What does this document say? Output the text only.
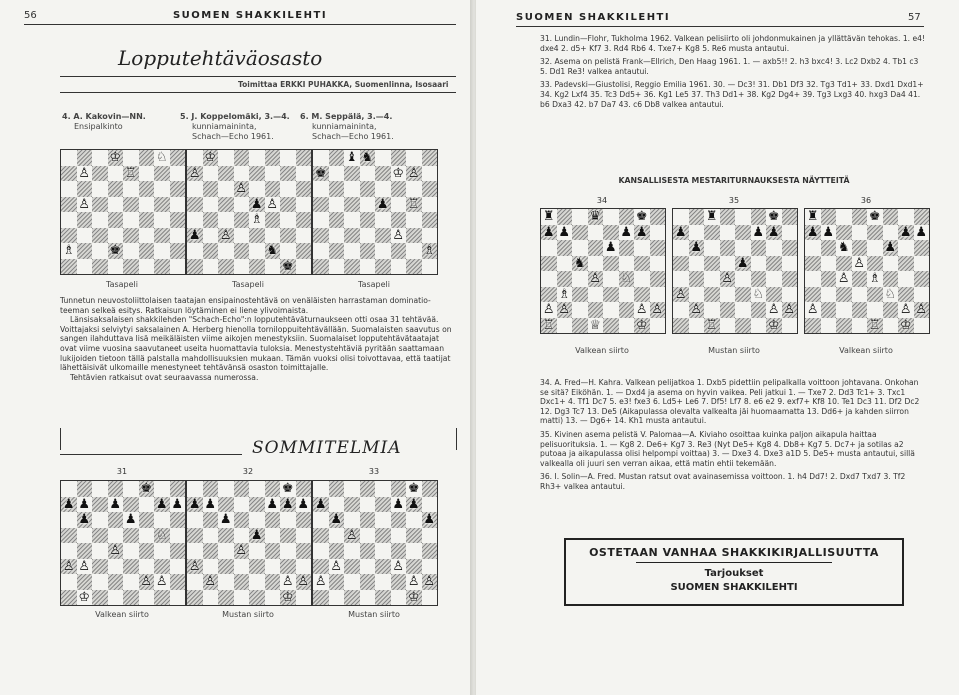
56	SUOMEN SHAKKILEHTI
Lopputehtäväosasto
Toimittaa ERKKI PUHAKKA, Suomenlinna, Isosaari
4. A. Kakovin—NN.
Ensipalkinto
5. J. Koppelomäki, 3.—4.
kunniamaininta,
Schach—Echo 1961.
6. M. Seppälä, 3.—4.
kunniamaininta,
Schach—Echo 1961.
♔	♘
♙	♖
♙
♗	♚
♔
♙
♙
♟ ♙
♗
♟ ♙
♞
♚
♝ ♞
♚	♔ ♙
♟ ♖
♙
♗
Tasapeli	Tasapeli	Tasapeli

Tunnetun neuvostoliittolaisen taatajan ensipainostehtävä on venäläisten harrastaman dominatio-teeman selkeä esitys. Ratkaisun löytäminen ei liene ylivoimaista.

Länsisaksalaisen shakkilehden "Schach-Echo":n lopputehtäväturnaukseen otti osaa 31 tehtävää. Voittajaksi selviytyi saksalainen A. Herberg hienolla torniloppuitehtävällään. Suomalaisten saavutus on sangen ilahduttava lisä meikäläisten viime aikojen menestyksiin. Suomalaiset lopputehtävätaatajat ovat viime vuosina saavutaneet useita huomattavia tuloksia. Menestystehtäviä pyritään saattamaan lukijoiden tietoon tällä palstalla mahdollisuuksien mukaan. Tämän vuoksi olisi toivottavaa, että taatijat lähettäisivät ulkomaille menestyneet tehtävänsä osaston toimittajalle.

Tehtävien ratkaisut ovat seuraavassa numerossa.

SOMMITELMIA
31	32	33
♚
♟ ♟ ♟	♟ ♟
♟	♟
♘
♙
♙ ♙
♙ ♙
♔
♚
♟ ♟	♟ ♟ ♟
♟
♟
♙
♙
♙	♙ ♙
♔
♚
♟	♟ ♟
♟	♟
♙
♙	♙
♙	♙ ♙
♔
Valkean siirto	Mustan siirto	Mustan siirto
SUOMEN SHAKKILEHTI	57

31. Lundin—Flohr, Tukholma 1962. Valkean pelisiirto oli johdonmukainen ja yllättävän tehokas. 1. e4! dxe4 2. d5+ Kf7 3. Rd4 Rb6 4. Txe7+ Kg8 5. Re6 musta antautui.

32. Asema on pelistä Frank—Ellrich, Den Haag 1961. 1. — axb5!! 2. h3 bxc4! 3. Lc2 Dxb2 4. Tb1 c3 5. Dd1 Re3! valkea antautui.

33. Padevski—Giustolisi, Reggio Emilia 1961. 30. — Dc3! 31. Db1 Df3 32. Tg3 Td1+ 33. Dxd1 Dxd1+ 34. Kg2 Lxf4 35. Tc3 Dd5+ 36. Kg1 Le5 37. Th3 Dd1+ 38. Kg2 Dg4+ 39. Tg3 Lxg3 40. hxg3 Da4 41. b6 Dxa3 42. b7 Da7 43. c6 Db8 valkea antautui.

KANSALLISESTA MESTARITURNAUKSESTA NÄYTTEITÄ
34	35	36
♜	♛	♚
♟ ♟	♟ ♟
♟
♞
♙ ♘
♗
♙ ♙	♙ ♙
♖	♕	♔
♜	♚
♟	♟ ♟
♟
♟
♙
♙	♘
♙	♙ ♙
♖	♔
♜	♚
♟ ♟	♟ ♟
♞	♟
♙
♙ ♗
♘
♙	♙ ♙
♖ ♔
Valkean siirto	Mustan siirto	Valkean siirto

34. A. Fred—H. Kahra. Valkean pelijatkoa 1. Dxb5 pidettiin pelipalkalla voittoon johtavana. Onkohan se sitä? Eiköhän. 1. — Dxd4 ja asema on hyvin vaikea. Peli jatkui 1. — Txe7 2. Dd3 Tc1+ 3. Txc1 Dxc1+ 4. Tf1 Dc7 5. e3! fxe3 6. Ld5+ Le6 7. Df5! Lf7 8. e6 e2 9. exf7+ Kf8 10. Te1 Dc3 11. Df2 Dc2 12. Dg3 Tc7 13. De5 (Aikapulassa olevalta valkealta jäi huomaamatta 13. Dd6+ ja kahden siirron matti) 13. — Dg6+ 14. Kh1 musta antautui.

35. Kivinen asema pelistä V. Palomaa—A. Kiviaho osoittaa kuinka paljon aikapula haittaa pelisuorituksia. 1. — Kg8 2. De6+ Kg7 3. Re3 (Nyt De5+ Kg8 4. Db8+ Kg7 5. Dc7+ ja sotilas a2 putoaa ja aikapulassa olisi helpompi voittaa) 3. — Dxe3 4. Dxe3 a1D 5. De5+ musta antautui, sillä valkealla oli juuri sen verran aikaa, että matin ehtii tekemään.

36. I. Solin—A. Fred. Mustan ratsut ovat avainasemissa voittoon. 1. h4 Dd7! 2. Dxd7 Txd7 3. Tf2 Rh3+ valkea antautui.

OSTETAAN VANHAA SHAKKIKIRJALLISUUTTA
Tarjoukset
SUOMEN SHAKKILEHTI
